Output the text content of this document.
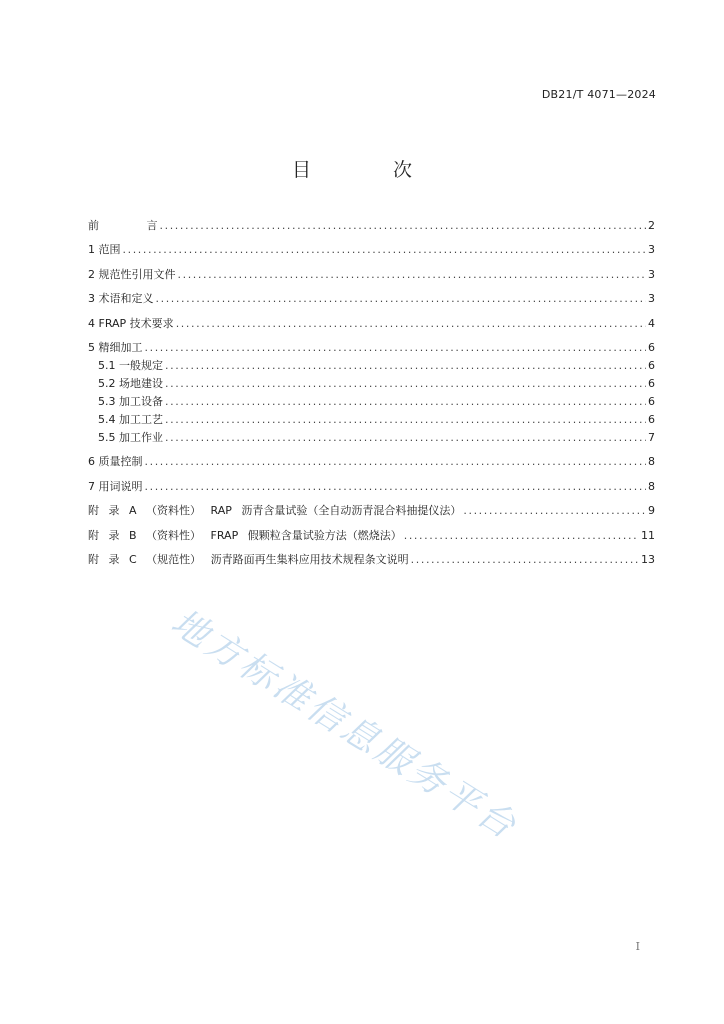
DB21/T 4071—2024
目 次
前 言 .....	2
1 范围 .....	3
2 规范性引用文件 .....	3
3 术语和定义 .....	3
4 FRAP 技术要求 .....	4
5 精细加工 .....	6
5.1 一般规定 .....	6
5.2 场地建设 .....	6
5.3 加工设备 .....	6
5.4 加工工艺 .....	6
5.5 加工作业 .....	7
6 质量控制 .....	8
7 用词说明 .....	8
附 录 A （资料性） RAP 沥青含量试验（全自动沥青混合料抽提仪法） .....	9
附 录 B （资料性） FRAP 假颗粒含量试验方法（燃烧法） .....	11
附 录 C （规范性） 沥青路面再生集料应用技术规程条文说明 .....	13
地方标准信息服务平台
I
